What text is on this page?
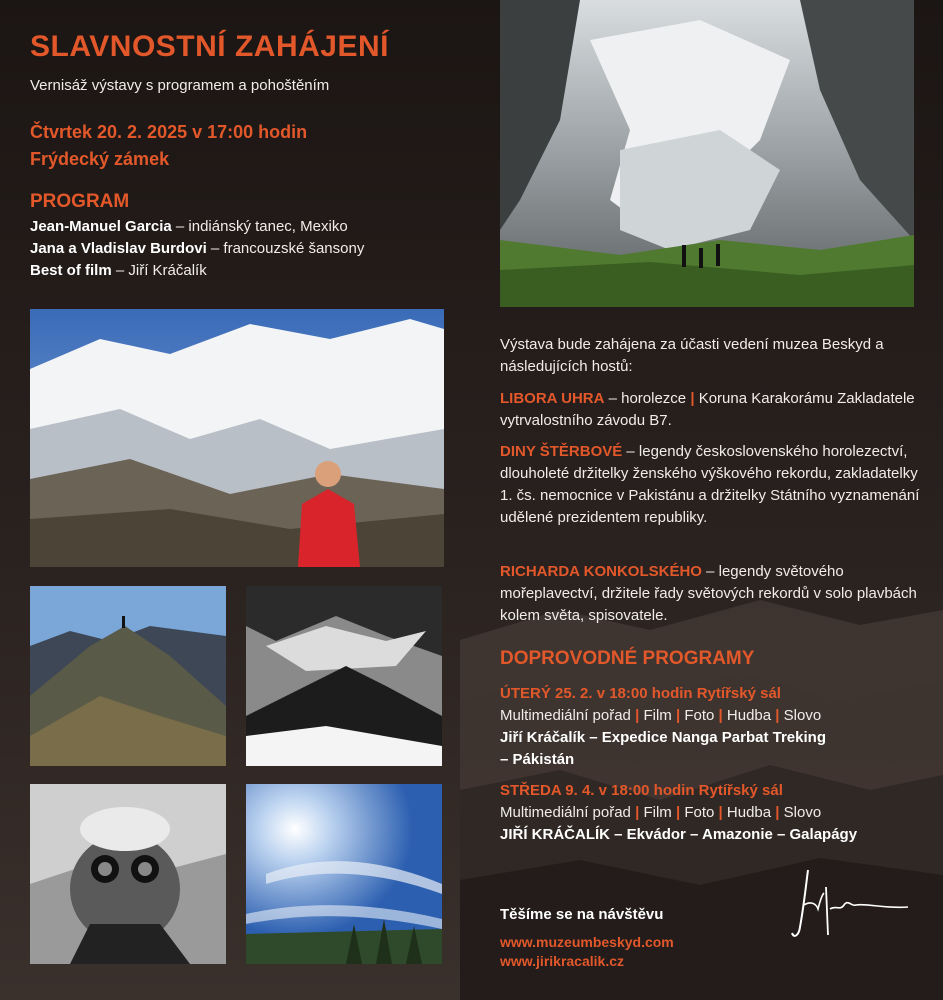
SLAVNOSTNÍ ZAHÁJENÍ
Vernisáž výstavy s programem a pohoštěním
Čtvrtek 20. 2. 2025 v 17:00 hodin
Frýdecký zámek
PROGRAM
Jean-Manuel Garcia – indiánský tanec, Mexiko
Jana a Vladislav Burdovi – francouzské šansony
Best of film – Jiří Kráčalík
Výstava bude zahájena za účasti vedení muzea Beskyd a následujících hostů:
LIBORA UHRA – horolezce | Koruna Karakorámu Zakladatele vytrvalostního závodu B7.
DINY ŠTĚRBOVÉ – legendy československého horolezectví, dlouholeté držitelky ženského výškového rekordu, zakladatelky 1. čs. nemocnice v Pakistánu a držitelky Státního vyznamenání udělené prezidentem republiky.
RICHARDA KONKOLSKÉHO – legendy světového mořeplavectví, držitele řady světových rekordů v solo plavbách kolem světa, spisovatele.
DOPROVODNÉ PROGRAMY
ÚTERÝ 25. 2. v 18:00 hodin Rytířský sál
Multimediální pořad | Film | Foto | Hudba | Slovo
Jiří Kráčalík – Expedice Nanga Parbat Treking – Pákistán
STŘEDA 9. 4. v 18:00 hodin Rytířský sál
Multimediální pořad | Film | Foto | Hudba | Slovo
JIŘÍ KRÁČALÍK – Ekvádor – Amazonie – Galapágy
Těšíme se na návštěvu
www.muzeumbeskyd.com
www.jirikracalik.cz
